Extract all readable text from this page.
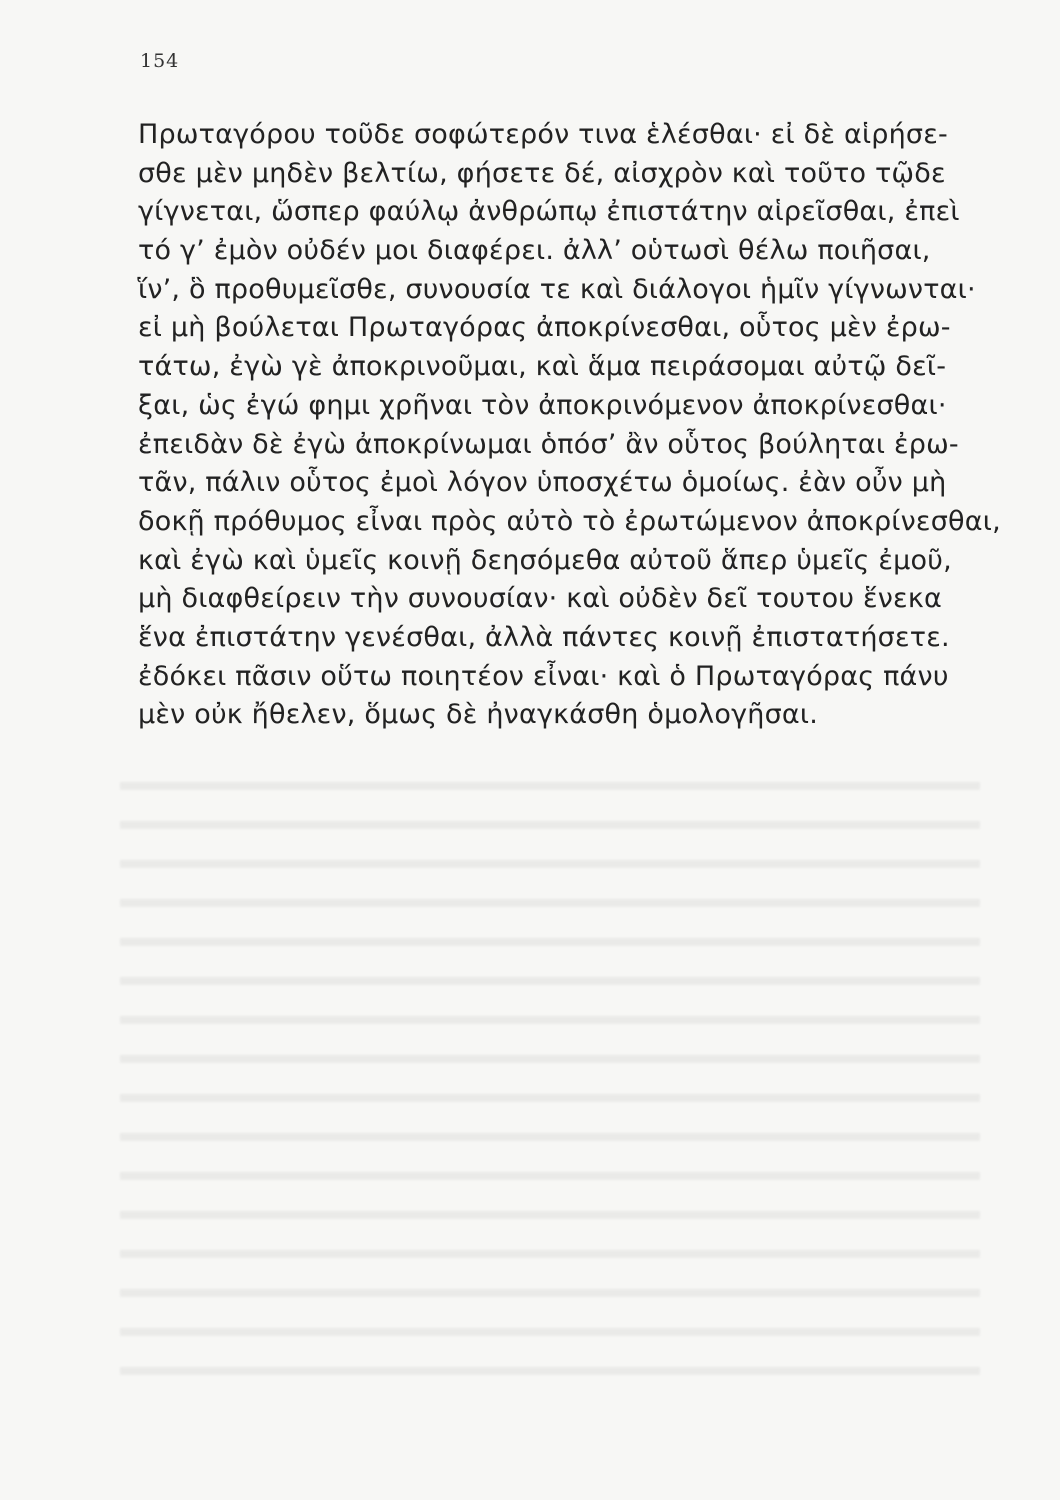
154
Πρωταγόρου τοῦδε σοφώτερόν τινα ἑλέσθαι· εἰ δὲ αἱρήσε-
σθε μὲν μηδὲν βελτίω, φήσετε δέ, αἰσχρὸν καὶ τοῦτο τῷδε
γίγνεται, ὥσπερ φαύλῳ ἀνθρώπῳ ἐπιστάτην αἱρεῖσθαι, ἐπεὶ
τό γ’ ἐμὸν οὐδέν μοι διαφέρει. ἀλλ’ οὑτωσὶ θέλω ποιῆσαι,
ἵν’, ὃ προθυμεῖσθε, συνουσία τε καὶ διάλογοι ἡμῖν γίγνωνται·
εἰ μὴ βούλεται Πρωταγόρας ἀποκρίνεσθαι, οὗτος μὲν ἐρω-
τάτω, ἐγὼ γὲ ἀποκρινοῦμαι, καὶ ἅμα πειράσομαι αὐτῷ δεῖ-
ξαι, ὡς ἐγώ φημι χρῆναι τὸν ἀποκρινόμενον ἀποκρίνεσθαι·
ἐπειδὰν δὲ ἐγὼ ἀποκρίνωμαι ὁπόσ’ ἂν οὗτος βούληται ἐρω-
τᾶν, πάλιν οὗτος ἐμοὶ λόγον ὑποσχέτω ὁμοίως. ἐὰν οὖν μὴ
δοκῇ πρόθυμος εἶναι πρὸς αὐτὸ τὸ ἐρωτώμενον ἀποκρίνεσθαι,
καὶ ἐγὼ καὶ ὑμεῖς κοινῇ δεησόμεθα αὐτοῦ ἅπερ ὑμεῖς ἐμοῦ,
μὴ διαφθείρειν τὴν συνουσίαν· καὶ οὐδὲν δεῖ τουτου ἕνεκα
ἕνα ἐπιστάτην γενέσθαι, ἀλλὰ πάντες κοινῇ ἐπιστατήσετε.
ἐδόκει πᾶσιν οὕτω ποιητέον εἶναι· καὶ ὁ Πρωταγόρας πάνυ
μὲν οὐκ ἤθελεν, ὅμως δὲ ἠναγκάσθη ὁμολογῆσαι.
